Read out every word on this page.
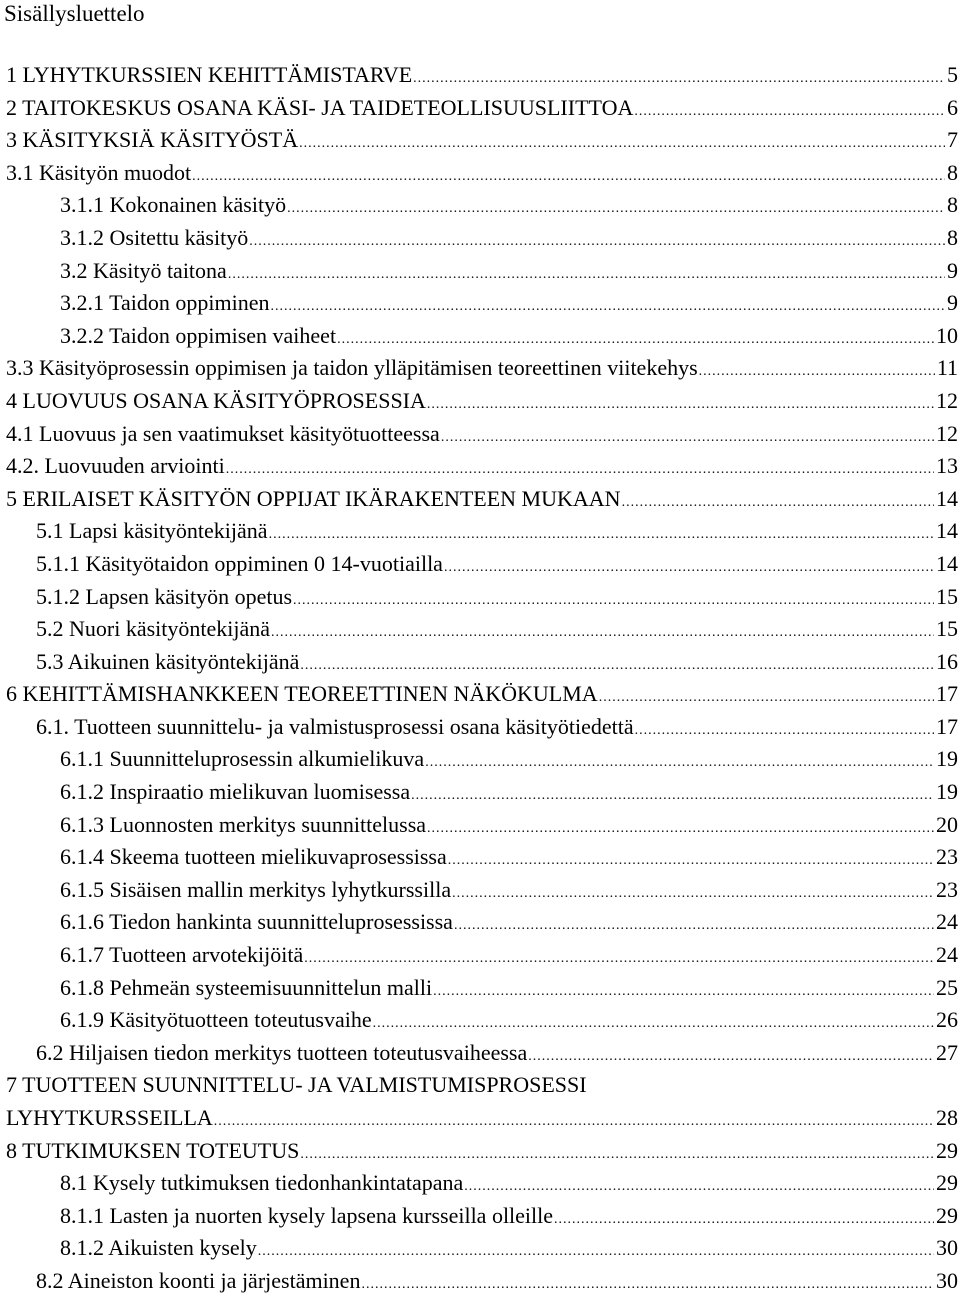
Sisällysluettelo
1 LYHYTKURSSIEN KEHITTÄMISTARVE .....	5
2 TAITOKESKUS OSANA KÄSI- JA TAIDETEOLLISUUSLIITTOA .....	6
3 KÄSITYKSIÄ KÄSITYÖSTÄ .....	7
3.1 Käsityön muodot .....	8
3.1.1 Kokonainen käsityö .....	8
3.1.2 Ositettu käsityö .....	8
3.2 Käsityö taitona .....	9
3.2.1 Taidon oppiminen .....	9
3.2.2 Taidon oppimisen vaiheet .....	10
3.3 Käsityöprosessin oppimisen ja taidon ylläpitämisen teoreettinen viitekehys .....	11
4 LUOVUUS OSANA KÄSITYÖPROSESSIA .....	12
4.1 Luovuus ja sen vaatimukset käsityötuotteessa .....	12
4.2. Luovuuden arviointi .....	13
5 ERILAISET KÄSITYÖN OPPIJAT IKÄRAKENTEEN MUKAAN .....	14
5.1 Lapsi käsityöntekijänä .....	14
5.1.1 Käsityötaidon oppiminen 0 14-vuotiailla .....	14
5.1.2 Lapsen käsityön opetus .....	15
5.2 Nuori käsityöntekijänä .....	15
5.3 Aikuinen käsityöntekijänä .....	16
6 KEHITTÄMISHANKKEEN TEOREETTINEN NÄKÖKULMA .....	17
6.1. Tuotteen suunnittelu- ja valmistusprosessi osana käsityötiedettä .....	17
6.1.1 Suunnitteluprosessin alkumielikuva .....	19
6.1.2 Inspiraatio mielikuvan luomisessa .....	19
6.1.3 Luonnosten merkitys suunnittelussa .....	20
6.1.4 Skeema tuotteen mielikuvaprosessissa .....	23
6.1.5 Sisäisen mallin merkitys lyhytkurssilla .....	23
6.1.6 Tiedon hankinta suunnitteluprosessissa .....	24
6.1.7 Tuotteen arvotekijöitä .....	24
6.1.8 Pehmeän systeemisuunnittelun malli .....	25
6.1.9 Käsityötuotteen toteutusvaihe .....	26
6.2 Hiljaisen tiedon merkitys tuotteen toteutusvaiheessa .....	27
7 TUOTTEEN SUUNNITTELU- JA VALMISTUMISPROSESSI
LYHYTKURSSEILLA .....	28
8 TUTKIMUKSEN TOTEUTUS .....	29
8.1 Kysely tutkimuksen tiedonhankintatapana .....	29
8.1.1 Lasten ja nuorten kysely lapsena kursseilla olleille .....	29
8.1.2 Aikuisten kysely .....	30
8.2 Aineiston koonti ja järjestäminen .....	30
